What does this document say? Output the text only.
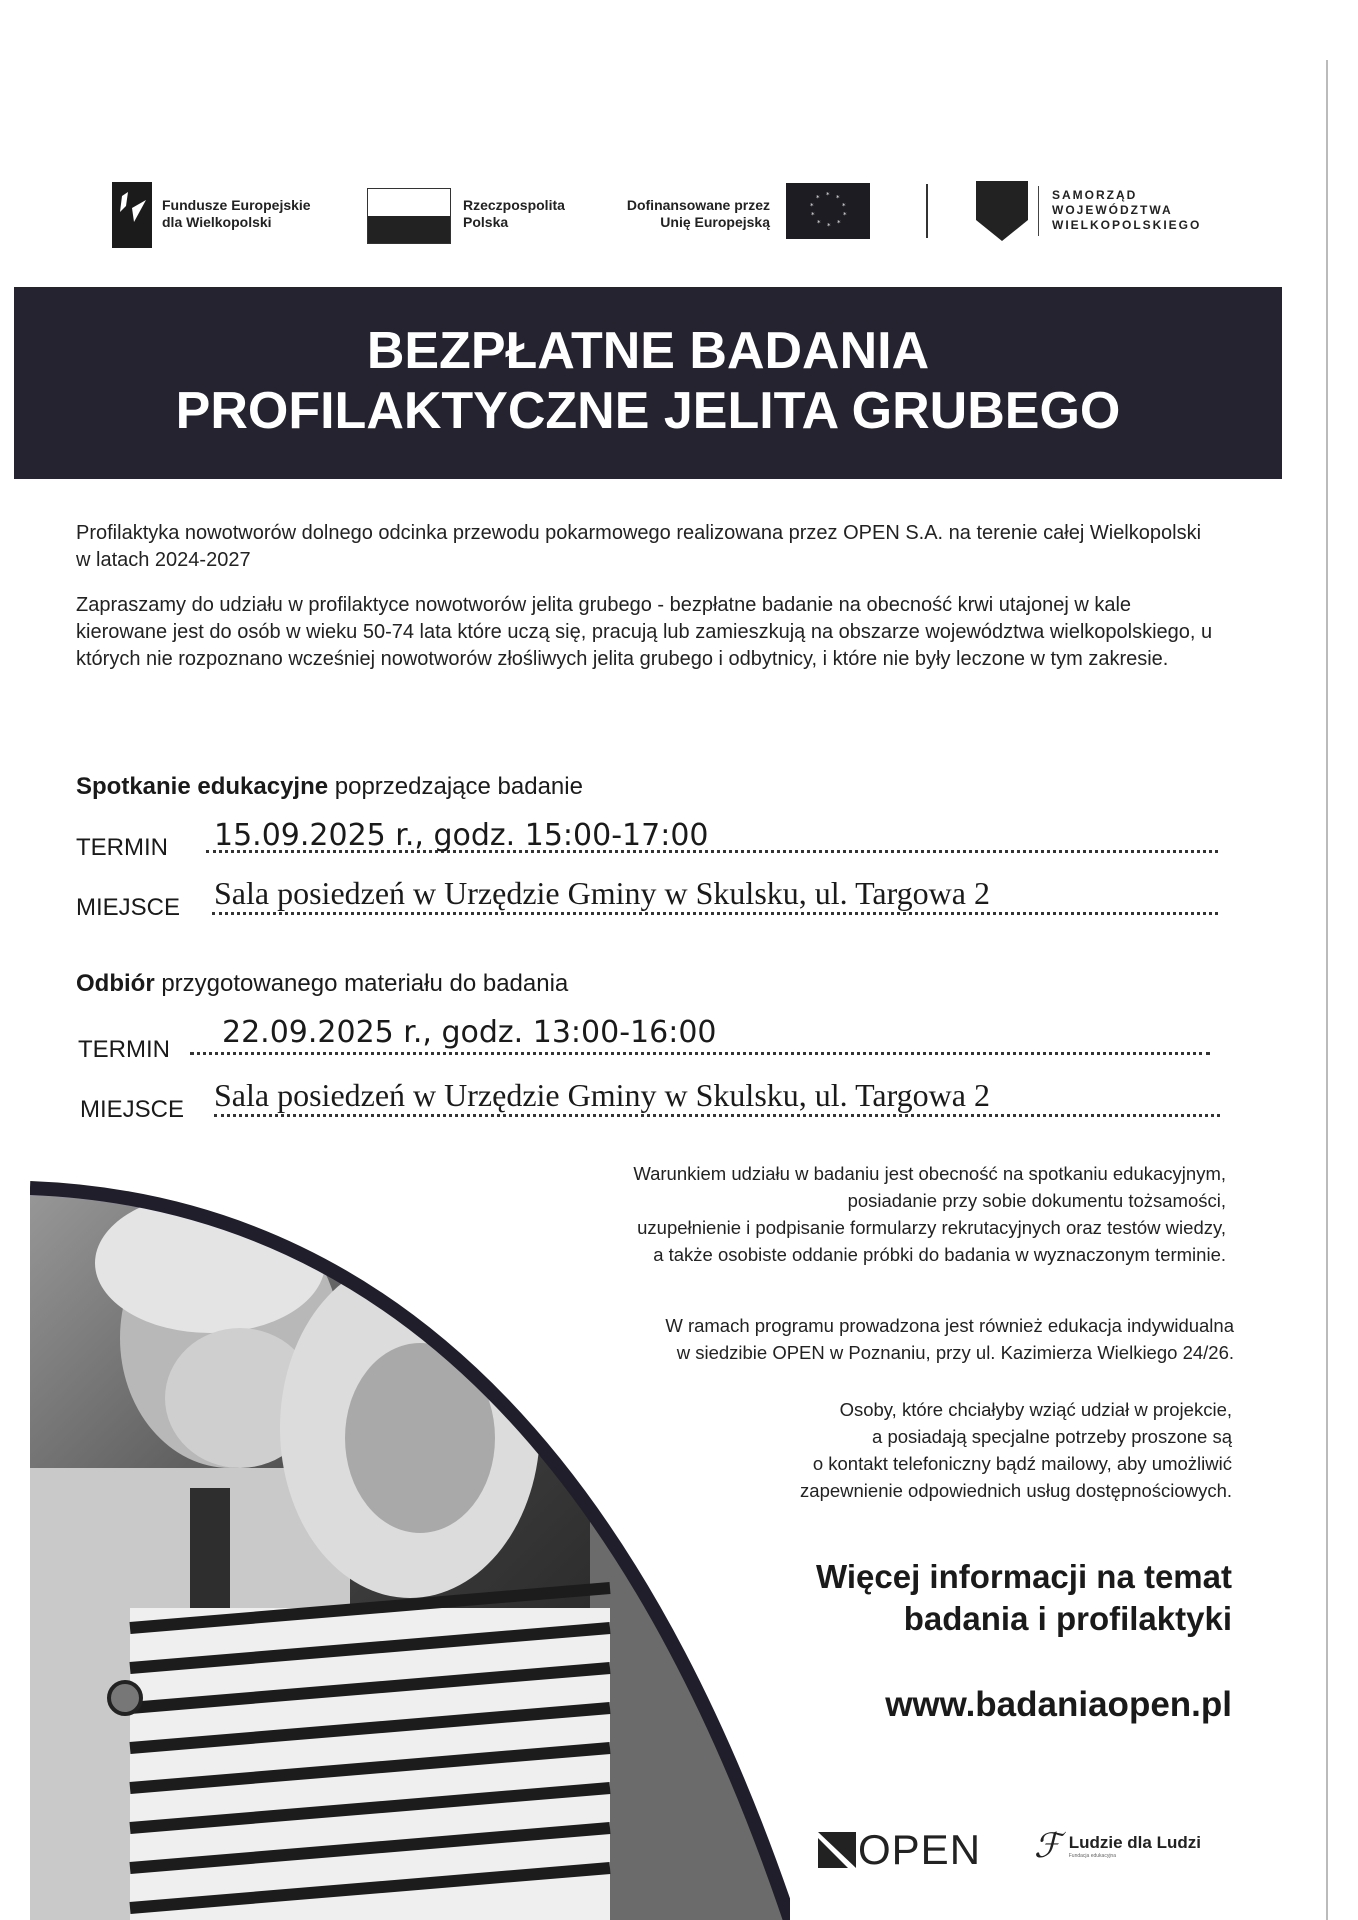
Fundusze Europejskie
dla Wielkopolski
Rzeczpospolita
Polska
Dofinansowane przez
Unię Europejską
* *
*
*
*
*
*
*
*
*	SAMORZĄD
WOJEWÓDZTWA
WIELKOPOLSKIEGO
BEZPŁATNE BADANIA
PROFILAKTYCZNE JELITA GRUBEGO
Profilaktyka nowotworów dolnego odcinka przewodu pokarmowego realizowana przez OPEN S.A. na terenie całej Wielkopolski w latach 2024-2027
Zapraszamy do udziału w profilaktyce nowotworów jelita grubego - bezpłatne badanie na obecność krwi utajonej w kale kierowane jest do osób w wieku 50-74 lata które uczą się, pracują lub zamieszkują na obszarze województwa wielkopolskiego, u których nie rozpoznano wcześniej nowotworów złośliwych jelita grubego i odbytnicy, i które nie były leczone w tym zakresie.
Spotkanie edukacyjne poprzedzające badanie
TERMIN 15.09.2025 r., godz. 15:00-17:00
MIEJSCE Sala posiedzeń w Urzędzie Gminy w Skulsku, ul. Targowa 2
Odbiór przygotowanego materiału do badania
TERMIN 22.09.2025 r., godz. 13:00-16:00
MIEJSCE Sala posiedzeń w Urzędzie Gminy w Skulsku, ul. Targowa 2
Warunkiem udziału w badaniu jest obecność na spotkaniu edukacyjnym,
posiadanie przy sobie dokumentu tożsamości,
uzupełnienie i podpisanie formularzy rekrutacyjnych oraz testów wiedzy,
a także osobiste oddanie próbki do badania w wyznaczonym terminie.
W ramach programu prowadzona jest również edukacja indywidualna
w siedzibie OPEN w Poznaniu, przy ul. Kazimierza Wielkiego 24/26.
Osoby, które chciałyby wziąć udział w projekcie,
a posiadają specjalne potrzeby proszone są
o kontakt telefoniczny bądź mailowy, aby umożliwić
zapewnienie odpowiednich usług dostępnościowych.
Więcej informacji na temat
badania i profilaktyki
www.badaniaopen.pl
OPEN ℱ Ludzie dla Ludzi
Fundacja edukacyjna
